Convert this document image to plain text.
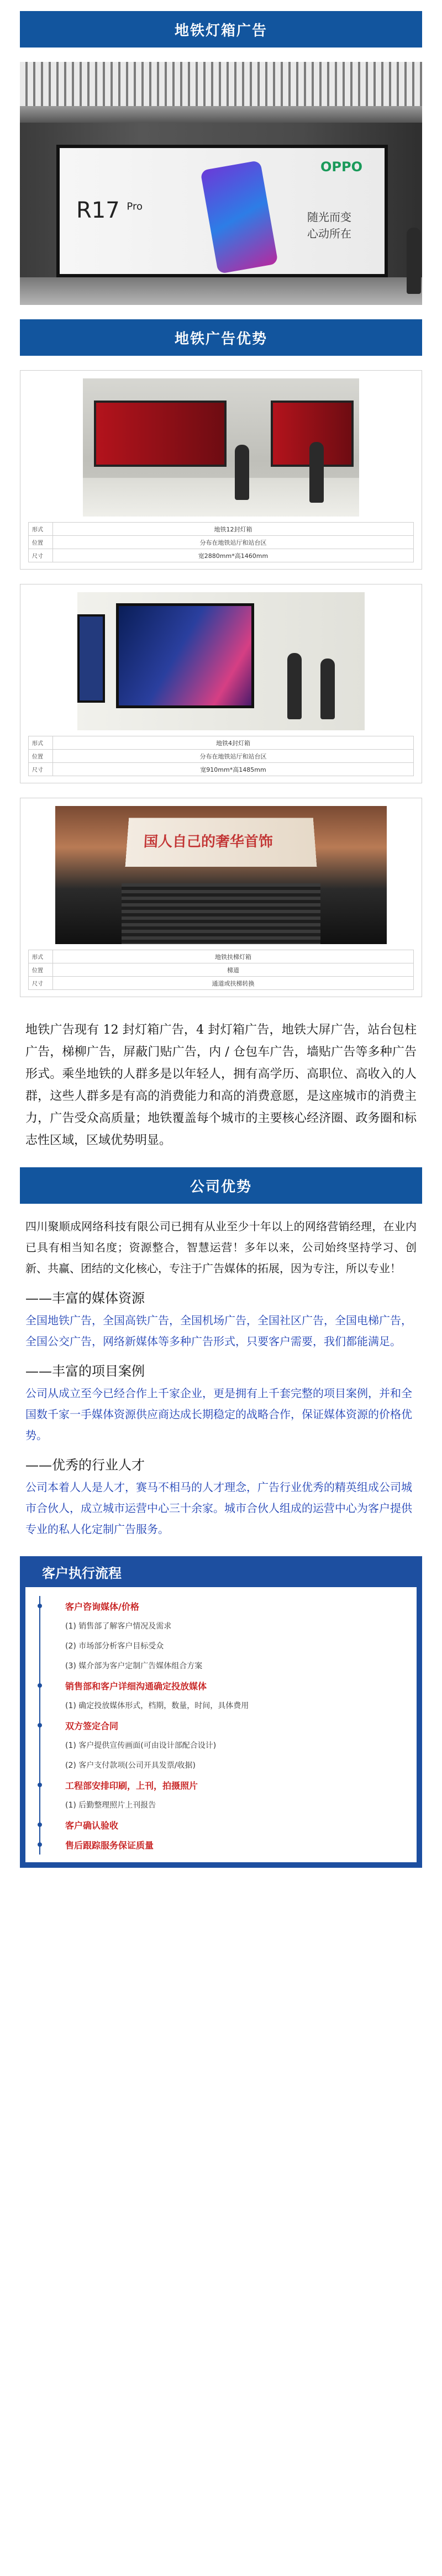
地铁灯箱广告
R17 $^{Pro}$
OPPO
随光而变 心动所在
地铁广告优势
形式	地铁12封灯箱
位置	分布在地铁站厅和站台区
尺寸	宽2880mm*高1460mm
形式	地铁4封灯箱
位置	分布在地铁站厅和站台区
尺寸	宽910mm*高1485mm
国人自己的奢华首饰
形式	地铁扶梯灯箱
位置	梯道
尺寸	通道或扶梯转换

地铁广告现有 12 封灯箱广告，4 封灯箱广告，地铁大屏广告，站台包柱广告，梯柳广告，屏蔽门贴广告，内 / 仓包车广告，墙贴广告等多种广告形式。乘坐地铁的人群多是以年轻人，拥有高学历、高职位、高收入的人群，这些人群多是有高的消费能力和高的消费意愿，是这座城市的消费主力，广告受众高质量；地铁覆盖每个城市的主要核心经济圈、政务圈和标志性区域，区域优势明显。

公司优势

四川聚顺成网络科技有限公司已拥有从业至少十年以上的网络营销经理，在业内已具有相当知名度；资源整合，智慧运营！多年以来，公司始终坚持学习、创新、共赢、团结的文化核心，专注于广告媒体的拓展，因为专注，所以专业！

——丰富的媒体资源

全国地铁广告，全国高铁广告，全国机场广告，全国社区广告，全国电梯广告，全国公交广告，网络新媒体等多种广告形式，只要客户需要，我们都能满足。

——丰富的项目案例

公司从成立至今已经合作上千家企业，更是拥有上千套完整的项目案例，并和全国数千家一手媒体资源供应商达成长期稳定的战略合作，保证媒体资源的价格优势。

——优秀的行业人才

公司本着人人是人才，赛马不相马的人才理念，广告行业优秀的精英组成公司城市合伙人，成立城市运营中心三十余家。城市合伙人组成的运营中心为客户提供专业的私人化定制广告服务。

客户执行流程
客户咨询媒体/价格
(1) 销售部了解客户情况及需求
(2) 市场部分析客户目标受众
(3) 媒介部为客户定制广告媒体组合方案
销售部和客户详细沟通确定投放媒体
(1) 确定投放媒体形式，档期，数量，时间，具体费用
双方签定合同
(1) 客户提供宣传画面(可由设计部配合设计)
(2) 客户支付款项(公司开具发票/收据)
工程部安排印刷，上刊，拍摄照片
(1) 后勤整理照片上刊报告
客户确认验收
售后跟踪服务保证质量
